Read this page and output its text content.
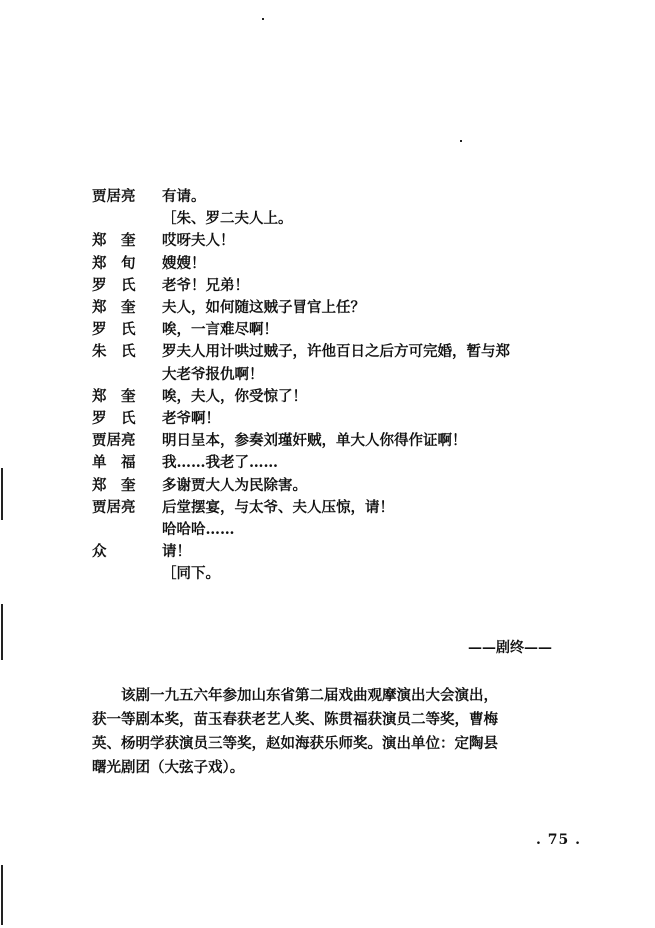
贾居亮	有请。
［朱、罗二夫人上。
郑　奎	哎呀夫人！
郑　旬	嫂嫂！
罗　氏	老爷！兄弟！
郑　奎	夫人，如何随这贼子冒官上任？
罗　氏	唉，一言难尽啊！
朱　氏	罗夫人用计哄过贼子，许他百日之后方可完婚，暂与郑
大老爷报仇啊！
郑　奎	唉，夫人，你受惊了！
罗　氏	老爷啊！
贾居亮	明日呈本，参奏刘瑾奸贼，单大人你得作证啊！
单　福	我……我老了……
郑　奎	多谢贾大人为民除害。
贾居亮	后堂摆宴，与太爷、夫人压惊，请！
哈哈哈……
众	请！
［同下。
——剧终——
　　该剧一九五六年参加山东省第二届戏曲观摩演出大会演出，
获一等剧本奖，苗玉春获老艺人奖、陈贯福获演员二等奖，曹梅
英、杨明学获演员三等奖，赵如海获乐师奖。演出单位：定陶县
曙光剧团（大弦子戏）。
. 75 .
